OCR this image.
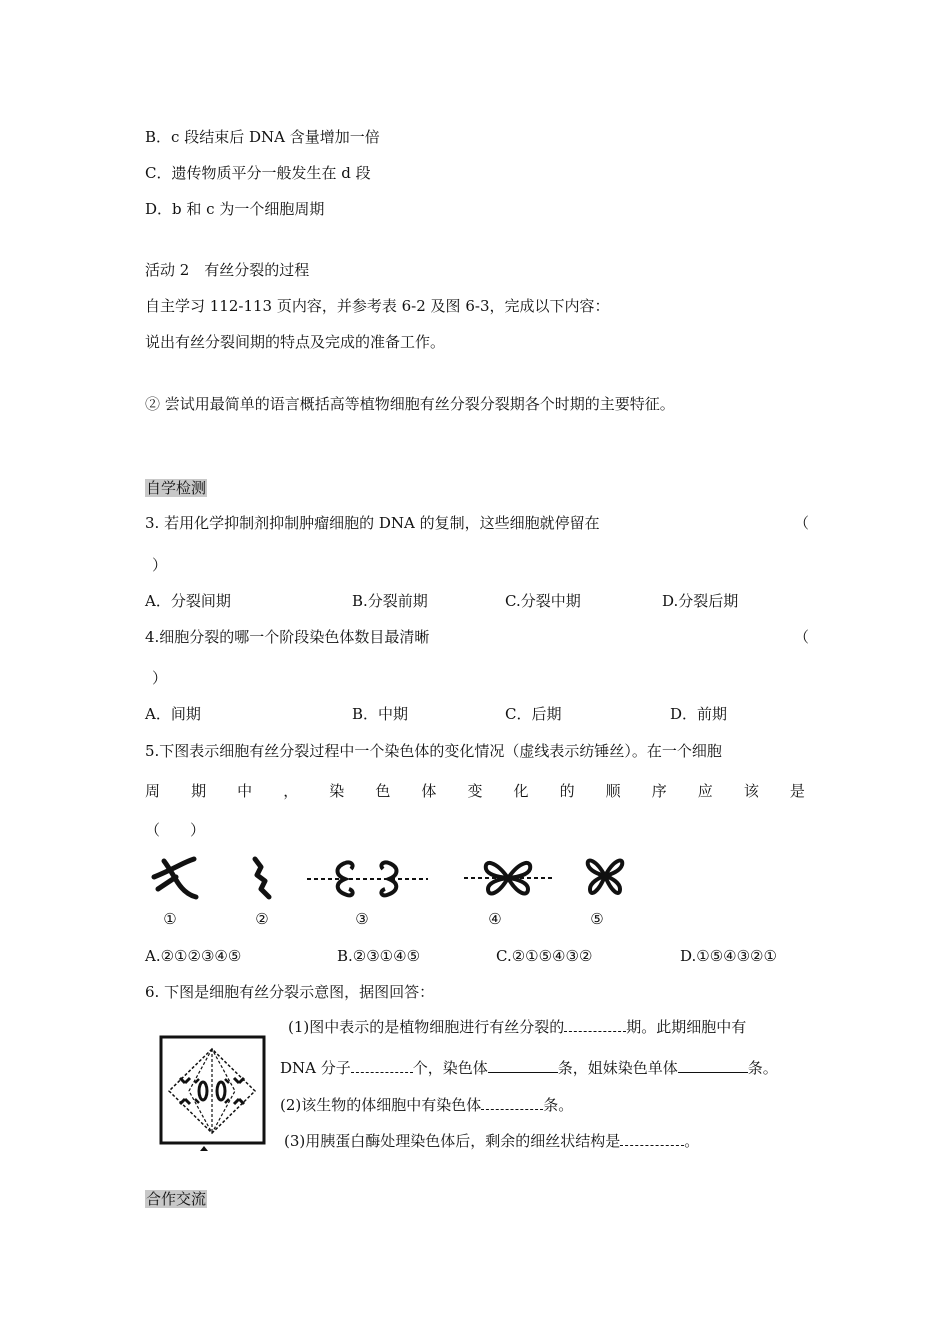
B．c 段结束后 DNA 含量增加一倍
C．遗传物质平分一般发生在 d 段
D．b 和 c 为一个细胞周期
活动 2　有丝分裂的过程
自主学习 112-113 页内容，并参考表 6-2 及图 6-3，完成以下内容：
说出有丝分裂间期的特点及完成的准备工作。
② 尝试用最简单的语言概括高等植物细胞有丝分裂分裂期各个时期的主要特征。
自学检测
3. 若用化学抑制剂抑制肿瘤细胞的 DNA 的复制，这些细胞就停留在	（
）
A．分裂间期	B.分裂前期	C.分裂中期	D.分裂后期
4.细胞分裂的哪一个阶段染色体数目最清晰	（
）
A．间期	B．中期	C．后期	D．前期
5.下图表示细胞有丝分裂过程中一个染色体的变化情况（虚线表示纺锤丝）。在一个细胞
周 期 中 ， 染 色 体 变 化 的 顺 序 应 该 是
（　　）
①	②	③	④	⑤
A.②①②③④⑤	B.②③①④⑤	C.②①⑤④③②	D.①⑤④③②①
6. 下图是细胞有丝分裂示意图，据图回答：
(1)图中表示的是植物细胞进行有丝分裂的	期。此期细胞中有
DNA 分子	个，染色体	条，姐妹染色单体	条。
(2)该生物的体细胞中有染色体	条。
(3)用胰蛋白酶处理染色体后，剩余的细丝状结构是	。
合作交流
